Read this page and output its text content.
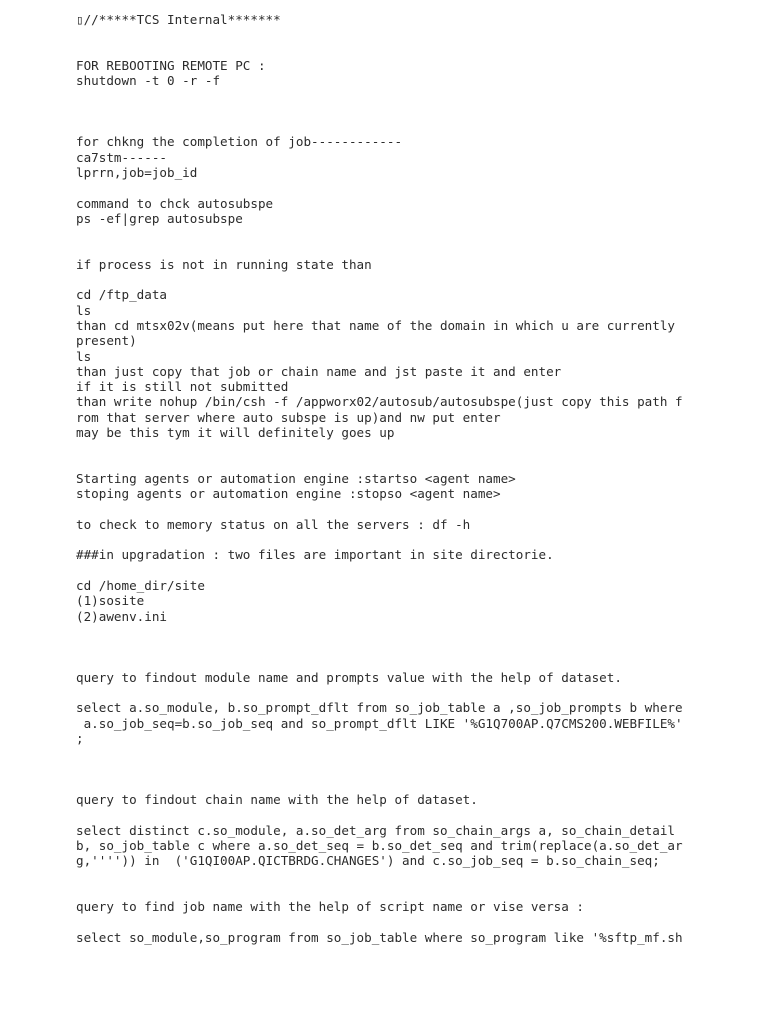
▯//*****TCS Internal*******
FOR REBOOTING REMOTE PC :
shutdown -t 0 -r -f
for chkng the completion of job------------
ca7stm------
lprrn,job=job_id
command to chck autosubspe
ps -ef|grep autosubspe
if process is not in running state than
cd /ftp_data
ls
than cd mtsx02v(means put here that name of the domain in which u are currently
present)
ls
than just copy that job or chain name and jst paste it and enter
if it is still not submitted
than write nohup /bin/csh -f /appworx02/autosub/autosubspe(just copy this path f
rom that server where auto subspe is up)and nw put enter
may be this tym it will definitely goes up
Starting agents or automation engine :startso <agent name>
stoping agents or automation engine :stopso <agent name>
to check to memory status on all the servers : df -h
###in upgradation : two files are important in site directorie.
cd /home_dir/site
(1)sosite
(2)awenv.ini
query to findout module name and prompts value with the help of dataset.
select a.so_module, b.so_prompt_dflt from so_job_table a ,so_job_prompts b where
a.so_job_seq=b.so_job_seq and so_prompt_dflt LIKE '%G1Q700AP.Q7CMS200.WEBFILE%'
;
query to findout chain name with the help of dataset.
select distinct c.so_module, a.so_det_arg from so_chain_args a, so_chain_detail
b, so_job_table c where a.so_det_seq = b.so_det_seq and trim(replace(a.so_det_ar
g,'''')) in  ('G1QI00AP.QICTBRDG.CHANGES') and c.so_job_seq = b.so_chain_seq;
query to find job name with the help of script name or vise versa :
select so_module,so_program from so_job_table where so_program like '%sftp_mf.sh
